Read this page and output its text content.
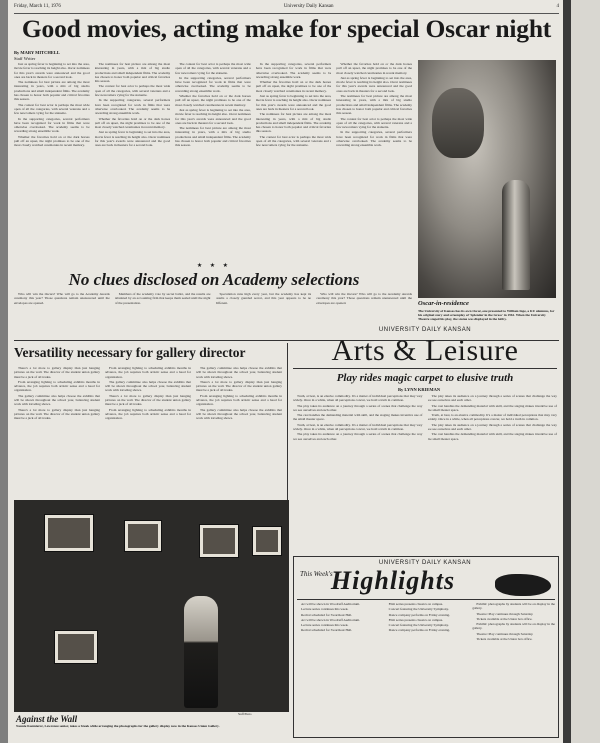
Friday, March 11, 1976	University Daily Kansan	4
Good movies, acting make for special Oscar night
By MARY MITCHELL
Staff Writer

Just as spring fever is beginning to set into the area, movie fever is reaching its height also. Oscar nominees for this year's awards were announced and the good ones are back in theaters for a second look.

The nominees for best picture are among the most interesting in years, with a mix of big studio productions and small independent films. The academy has chosen to honor both popular and critical favorites this season.

The contest for best actor is perhaps the most wide open of all the categories, with several veterans and a few newcomers vying for the statuette.

In the supporting categories, several performers have been recognized for work in films that were otherwise overlooked. The academy seems to be rewarding strong ensemble work.

Whether the favorites hold on or the dark horses pull off an upset, the night promises to be one of the most closely watched ceremonies in recent memory.

The nominees for best picture are among the most interesting in years, with a mix of big studio productions and small independent films. The academy has chosen to honor both popular and critical favorites this season.

The contest for best actor is perhaps the most wide open of all the categories, with several veterans and a few newcomers vying for the statuette.

In the supporting categories, several performers have been recognized for work in films that were otherwise overlooked. The academy seems to be rewarding strong ensemble work.

Whether the favorites hold on or the dark horses pull off an upset, the night promises to be one of the most closely watched ceremonies in recent memory.

Just as spring fever is beginning to set into the area, movie fever is reaching its height also. Oscar nominees for this year's awards were announced and the good ones are back in theaters for a second look.

The contest for best actor is perhaps the most wide open of all the categories, with several veterans and a few newcomers vying for the statuette.

In the supporting categories, several performers have been recognized for work in films that were otherwise overlooked. The academy seems to be rewarding strong ensemble work.

Whether the favorites hold on or the dark horses pull off an upset, the night promises to be one of the most closely watched ceremonies in recent memory.

Just as spring fever is beginning to set into the area, movie fever is reaching its height also. Oscar nominees for this year's awards were announced and the good ones are back in theaters for a second look.

The nominees for best picture are among the most interesting in years, with a mix of big studio productions and small independent films. The academy has chosen to honor both popular and critical favorites this season.

In the supporting categories, several performers have been recognized for work in films that were otherwise overlooked. The academy seems to be rewarding strong ensemble work.

Whether the favorites hold on or the dark horses pull off an upset, the night promises to be one of the most closely watched ceremonies in recent memory.

Just as spring fever is beginning to set into the area, movie fever is reaching its height also. Oscar nominees for this year's awards were announced and the good ones are back in theaters for a second look.

The nominees for best picture are among the most interesting in years, with a mix of big studio productions and small independent films. The academy has chosen to honor both popular and critical favorites this season.

The contest for best actor is perhaps the most wide open of all the categories, with several veterans and a few newcomers vying for the statuette.

Whether the favorites hold on or the dark horses pull off an upset, the night promises to be one of the most closely watched ceremonies in recent memory.

Just as spring fever is beginning to set into the area, movie fever is reaching its height also. Oscar nominees for this year's awards were announced and the good ones are back in theaters for a second look.

The nominees for best picture are among the most interesting in years, with a mix of big studio productions and small independent films. The academy has chosen to honor both popular and critical favorites this season.

The contest for best actor is perhaps the most wide open of all the categories, with several veterans and a few newcomers vying for the statuette.

In the supporting categories, several performers have been recognized for work in films that were otherwise overlooked. The academy seems to be rewarding strong ensemble work.

Oscar-in-residence
The University of Kansas has its own Oscar, one presented to William Inge, a KU alumnus, for his original story and screenplay of 'Splendor in the Grass' in 1961. When the University Theatre staged his play, the statue was displayed in the lobby.
★ ★ ★
No clues disclosed on Academy selections

Who will win the Oscars? Who will go to the Academy Awards ceremony this year? Those questions remain unanswered until the envelopes are opened.

Members of the academy vote by secret ballot, and the results are tabulated by an accounting firm that keeps them sealed until the night of the presentation.

Speculation runs high every year, but the academy has kept its results a closely guarded secret, and this year appears to be no different.

Who will win the Oscars? Who will go to the Academy Awards ceremony this year? Those questions remain unanswered until the envelopes are opened.

Versatility necessary for gallery director

There's a lot more to gallery display than just hanging pictures on the wall. The director of the student union gallery must be a jack of all trades.

From arranging lighting to scheduling exhibits months in advance, the job requires both artistic sense and a head for organization.

The gallery committee also helps choose the exhibits that will be shown throughout the school year, balancing student work with traveling shows.

There's a lot more to gallery display than just hanging pictures on the wall. The director of the student union gallery must be a jack of all trades.

From arranging lighting to scheduling exhibits months in advance, the job requires both artistic sense and a head for organization.

The gallery committee also helps choose the exhibits that will be shown throughout the school year, balancing student work with traveling shows.

There's a lot more to gallery display than just hanging pictures on the wall. The director of the student union gallery must be a jack of all trades.

From arranging lighting to scheduling exhibits months in advance, the job requires both artistic sense and a head for organization.

The gallery committee also helps choose the exhibits that will be shown throughout the school year, balancing student work with traveling shows.

There's a lot more to gallery display than just hanging pictures on the wall. The director of the student union gallery must be a jack of all trades.

From arranging lighting to scheduling exhibits months in advance, the job requires both artistic sense and a head for organization.

The gallery committee also helps choose the exhibits that will be shown throughout the school year, balancing student work with traveling shows.

UNIVERSITY DAILY KANSAN
Arts & Leisure
Play rides magic carpet to elusive truth
By LYNN KRIEMAN

Truth, at best, is an elusive commodity. It's a matter of individual perceptions that may vary widely. Once in a while, when all perceptions concur, we hold a truth in common.

The play takes its audience on a journey through a series of scenes that challenge the way we see ourselves and each other.

The cast handles the demanding material with skill, and the staging makes inventive use of the small theater space.

Truth, at best, is an elusive commodity. It's a matter of individual perceptions that may vary widely. Once in a while, when all perceptions concur, we hold a truth in common.

The play takes its audience on a journey through a series of scenes that challenge the way we see ourselves and each other.

The play takes its audience on a journey through a series of scenes that challenge the way we see ourselves and each other.

The cast handles the demanding material with skill, and the staging makes inventive use of the small theater space.

Truth, at best, is an elusive commodity. It's a matter of individual perceptions that may vary widely. Once in a while, when all perceptions concur, we hold a truth in common.

The play takes its audience on a journey through a series of scenes that challenge the way we see ourselves and each other.

The cast handles the demanding material with skill, and the staging makes inventive use of the small theater space.

Staff Photo
Against the Wall
Nonnie Kazmiercz, Lawrence senior, takes a break while arranging the photographs for the gallery display now in the Kansas Union Gallery.
UNIVERSITY DAILY KANSAN
This Week's
Highlights

Art will be shown in Woodruff Auditorium.

Lecture series continues this week.

Recital scheduled for Swarthout Hall.

Art will be shown in Woodruff Auditorium.

Lecture series continues this week.

Recital scheduled for Swarthout Hall.

Film series presents classics on campus.

Concert featuring the University Symphony.

Dance company performs on Friday evening.

Film series presents classics on campus.

Concert featuring the University Symphony.

Dance company performs on Friday evening.

Exhibit: photographs by students will be on display in the gallery.

Theatre: Play continues through Saturday.

Tickets available at the Union box office.

Exhibit: photographs by students will be on display in the gallery.

Theatre: Play continues through Saturday.

Tickets available at the Union box office.
